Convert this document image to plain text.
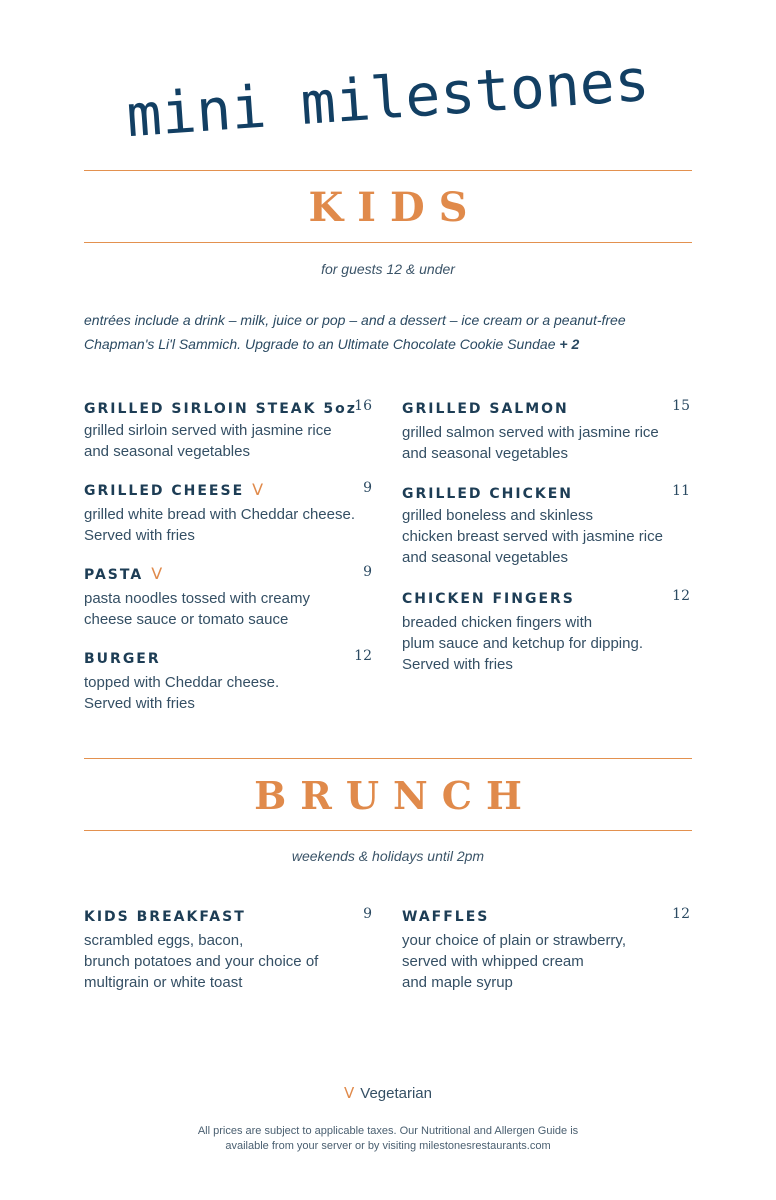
mini milestones
KIDS
for guests 12 & under
entrées include a drink – milk, juice or pop – and a dessert – ice cream or a peanut-free
Chapman's Li'l Sammich. Upgrade to an Ultimate Chocolate Cookie Sundae + 2
GRILLED SIRLOIN STEAK 5oz
16
grilled sirloin served with jasmine rice
and seasonal vegetables
GRILLED CHEESE V	9
grilled white bread with Cheddar cheese.
Served with fries
PASTA V	9
pasta noodles tossed with creamy
cheese sauce or tomato sauce
BURGER	12
topped with Cheddar cheese.
Served with fries
GRILLED SALMON	15
grilled salmon served with jasmine rice
and seasonal vegetables
GRILLED CHICKEN	11
grilled boneless and skinless
chicken breast served with jasmine rice
and seasonal vegetables
CHICKEN FINGERS	12
breaded chicken fingers with
plum sauce and ketchup for dipping.
Served with fries
BRUNCH
weekends & holidays until 2pm
KIDS BREAKFAST	9
scrambled eggs, bacon,
brunch potatoes and your choice of
multigrain or white toast
WAFFLES	12
your choice of plain or strawberry,
served with whipped cream
and maple syrup
V Vegetarian
All prices are subject to applicable taxes. Our Nutritional and Allergen Guide is
available from your server or by visiting milestonesrestaurants.com
